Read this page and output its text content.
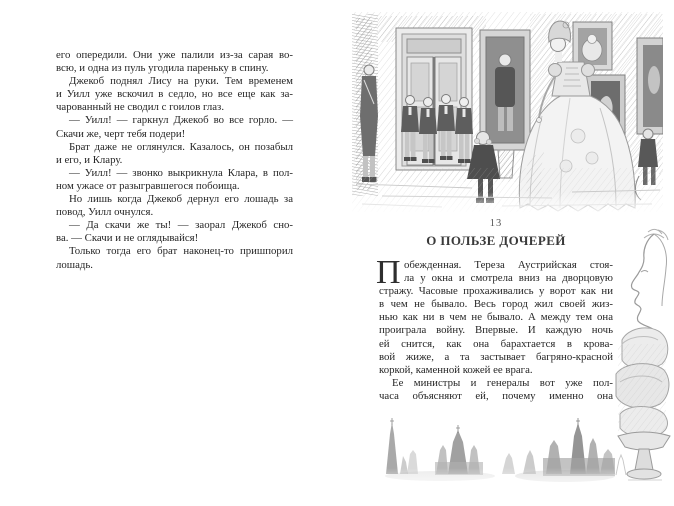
его опередили. Они уже палили из-за сарая во-
всю, и одна из пуль угодила пареньку в спину.
Джекоб поднял Лису на руки. Тем временем
и Уилл уже вскочил в седло, но все еще как за-
чарованный не сводил с гоилов глаз.
— Уилл! — гаркнул Джекоб во все горло. —
Скачи же, черт тебя подери!
Брат даже не оглянулся. Казалось, он позабыл
и его, и Клару.
— Уилл! — звонко выкрикнула Клара, в пол-
ном ужасе от разыгравшегося побоища.
Но лишь когда Джекоб дернул его лошадь за
повод, Уилл очнулся.
— Да скачи же ты! — заорал Джекоб сно-
ва. — Скачи и не оглядывайся!
Только тогда его брат наконец-то пришпорил
лошадь.
13
О ПОЛЬЗЕ ДОЧЕРЕЙ
П обежденная. Тереза Аустрийская стоя-
ла у окна и смотрела вниз на дворцовую
стражу. Часовые прохаживались у ворот как ни
в чем не бывало. Весь город жил своей жиз-
нью как ни в чем не бывало. А между тем она
проиграла войну. Впервые. И каждую ночь
ей снится, как она барахтается в крова-
вой жиже, а та застывает багряно-красной
коркой, каменной кожей ее врага.
Ее министры и генералы вот уже пол-
часа объясняют ей, почему именно она
